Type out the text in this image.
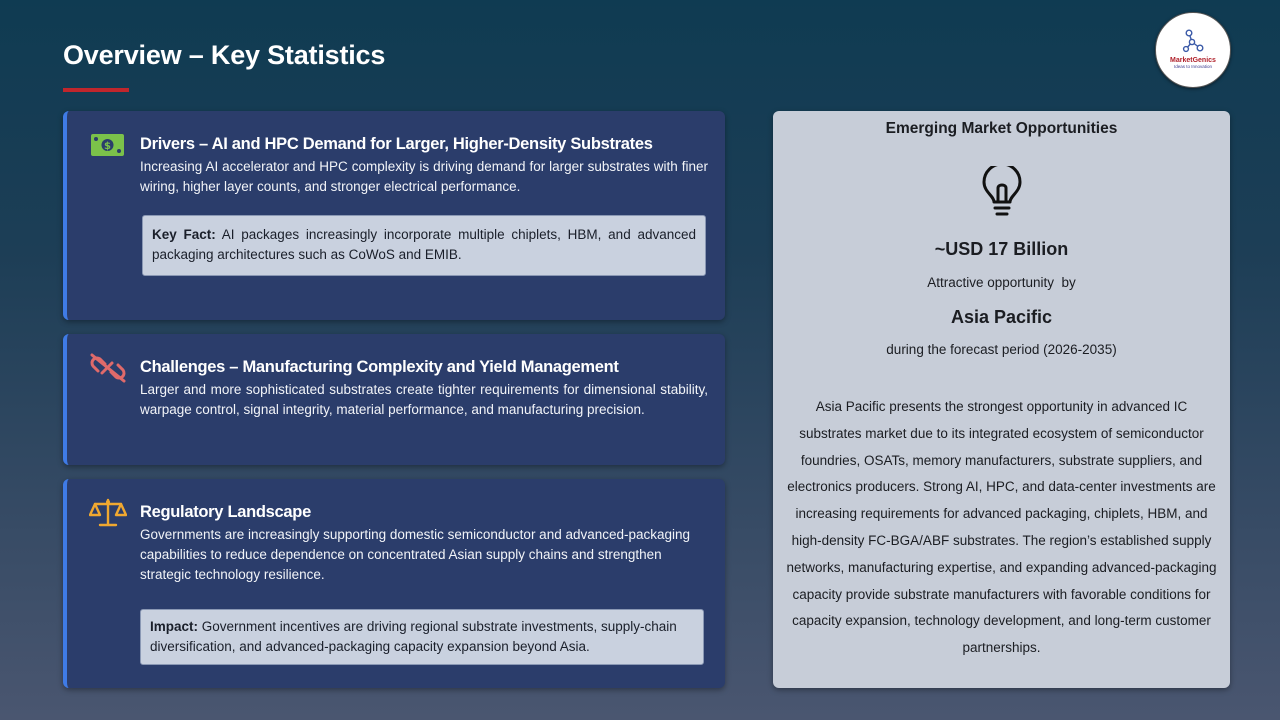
Overview – Key Statistics	MarketGenics
Ideas to Innovation
$ Drivers – AI and HPC Demand for Larger, Higher-Density Substrates

Increasing AI accelerator and HPC complexity is driving demand for larger substrates with finer wiring, higher layer counts, and stronger electrical performance.

Key Fact: AI packages increasingly incorporate multiple chiplets, HBM, and advanced packaging architectures such as CoWoS and EMIB.
Challenges – Manufacturing Complexity and Yield Management

Larger and more sophisticated substrates create tighter requirements for dimensional stability, warpage control, signal integrity, material performance, and manufacturing precision.

Regulatory Landscape

Governments are increasingly supporting domestic semiconductor and advanced-packaging capabilities to reduce dependence on concentrated Asian supply chains and strengthen strategic technology resilience.

Impact: Government incentives are driving regional substrate investments, supply-chain diversification, and advanced-packaging capacity expansion beyond Asia.
Emerging Market Opportunities

~USD 17 Billion

Attractive opportunity  by

Asia Pacific

during the forecast period (2026-2035)

Asia Pacific presents the strongest opportunity in advanced IC substrates market due to its integrated ecosystem of semiconductor foundries, OSATs, memory manufacturers, substrate suppliers, and electronics producers. Strong AI, HPC, and data-center investments are increasing requirements for advanced packaging, chiplets, HBM, and high-density FC-BGA/ABF substrates. The region’s established supply networks, manufacturing expertise, and expanding advanced-packaging capacity provide substrate manufacturers with favorable conditions for capacity expansion, technology development, and long-term customer partnerships.
